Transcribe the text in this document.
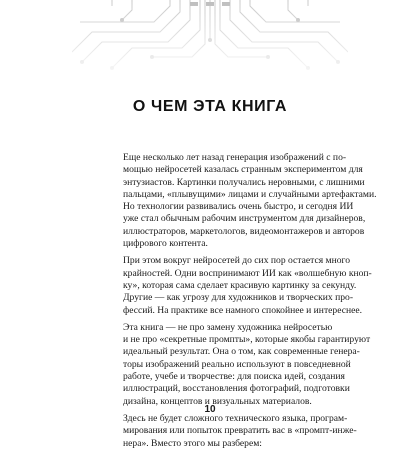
О ЧЕМ ЭТА КНИГА

Еще несколько лет назад генерация изображений с по-
мощью нейросетей казалась странным экспериментом для
энтузиастов. Картинки получались неровными, с лишними
пальцами, «плывущими» лицами и случайными артефактами.
Но технологии развивались очень быстро, и сегодня ИИ
уже стал обычным рабочим инструментом для дизайнеров,
иллюстраторов, маркетологов, видеомонтажеров и авторов
цифрового контента.

При этом вокруг нейросетей до сих пор остается много
крайностей. Одни воспринимают ИИ как «волшебную кноп-
ку», которая сама сделает красивую картинку за секунду.
Другие — как угрозу для художников и творческих про-
фессий. На практике все намного спокойнее и интереснее.

Эта книга — не про замену художника нейросетью
и не про «секретные промпты», которые якобы гарантируют
идеальный результат. Она о том, как современные генера-
торы изображений реально используют в повседневной
работе, учебе и творчестве: для поиска идей, создания
иллюстраций, восстановления фотографий, подготовки
дизайна, концептов и визуальных материалов.

Здесь не будет сложного технического языка, програм-
мирования или попыток превратить вас в «промпт-инже-
нера». Вместо этого мы разберем:

10
